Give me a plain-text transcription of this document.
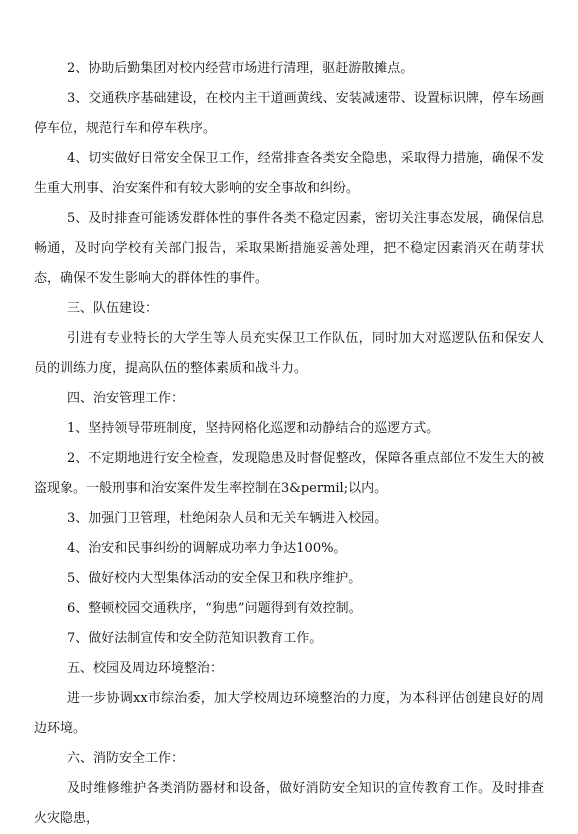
2、协助后勤集团对校内经营市场进行清理，驱赶游散摊点。

3、交通秩序基础建设，在校内主干道画黄线、安装减速带、设置标识牌，停车场画停车位，规范行车和停车秩序。

4、切实做好日常安全保卫工作，经常排查各类安全隐患，采取得力措施，确保不发生重大刑事、治安案件和有较大影响的安全事故和纠纷。

5、及时排查可能诱发群体性的事件各类不稳定因素，密切关注事态发展，确保信息畅通，及时向学校有关部门报告，采取果断措施妥善处理，把不稳定因素消灭在萌芽状态，确保不发生影响大的群体性的事件。

三、队伍建设：

引进有专业特长的大学生等人员充实保卫工作队伍，同时加大对巡逻队伍和保安人员的训练力度，提高队伍的整体素质和战斗力。

四、治安管理工作：

1、坚持领导带班制度，坚持网格化巡逻和动静结合的巡逻方式。

2、不定期地进行安全检查，发现隐患及时督促整改，保障各重点部位不发生大的被盗现象。一般刑事和治安案件发生率控制在3&permil;以内。

3、加强门卫管理，杜绝闲杂人员和无关车辆进入校园。

4、治安和民事纠纷的调解成功率力争达100%。

5、做好校内大型集体活动的安全保卫和秩序维护。

6、整顿校园交通秩序，“狗患”问题得到有效控制。

7、做好法制宣传和安全防范知识教育工作。

五、校园及周边环境整治：

进一步协调xx市综治委，加大学校周边环境整治的力度，为本科评估创建良好的周边环境。

六、消防安全工作：

及时维修维护各类消防器材和设备，做好消防安全知识的宣传教育工作。及时排查火灾隐患，
